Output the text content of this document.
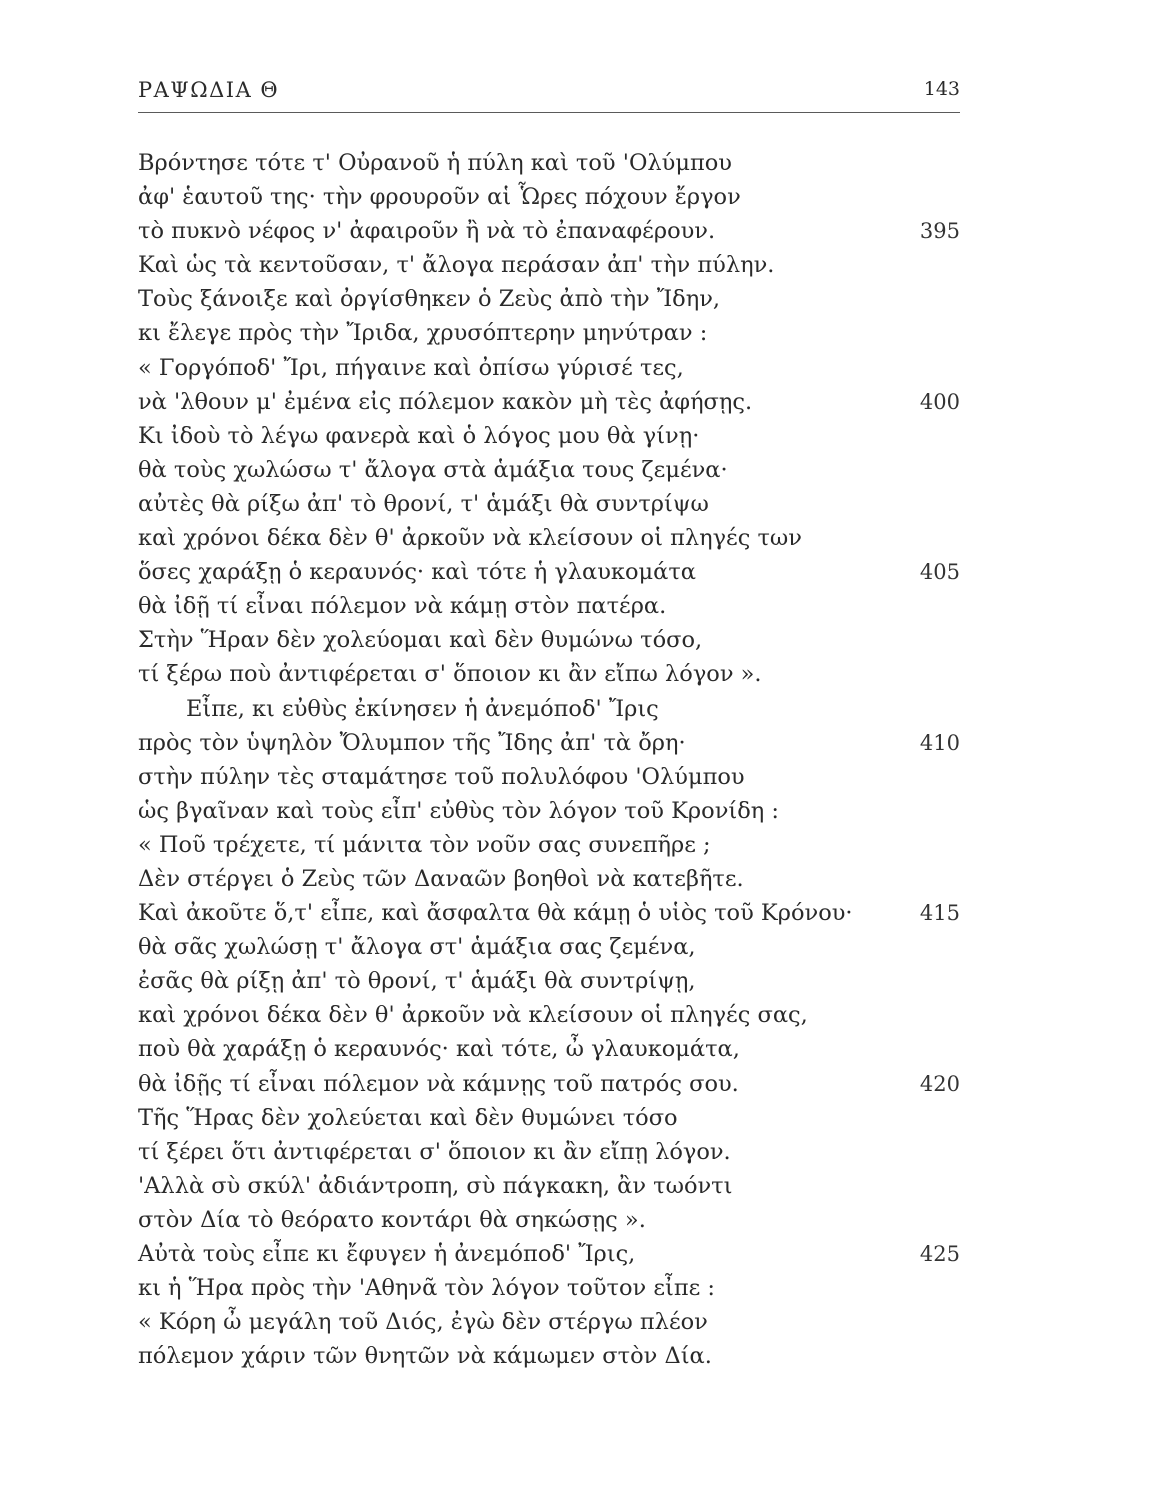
ΡΑΨΩΔΙΑ Θ	143
Βρόντησε τότε τ' Οὐρανοῦ ἡ πύλη καὶ τοῦ 'Ολύμπου
ἀφ' ἑαυτοῦ της· τὴν φρουροῦν αἱ Ὧρες πόχουν ἔργον
τὸ πυκνὸ νέφος ν' ἀφαιροῦν ἢ νὰ τὸ ἐπαναφέρουν.	395
Καὶ ὡς τὰ κεντοῦσαν, τ' ἄλογα περάσαν ἀπ' τὴν πύλην.
Τοὺς ξάνοιξε καὶ ὀργίσθηκεν ὁ Ζεὺς ἀπὸ τὴν Ἴδην,
κι ἔλεγε πρὸς τὴν Ἴριδα, χρυσόπτερην μηνύτραν :
« Γοργόποδ' Ἴρι, πήγαινε καὶ ὀπίσω γύρισέ τες,
νὰ 'λθουν μ' ἐμένα εἰς πόλεμον κακὸν μὴ τὲς ἀφήσῃς.	400
Κι ἰδοὺ τὸ λέγω φανερὰ καὶ ὁ λόγος μου θὰ γίνῃ·
θὰ τοὺς χωλώσω τ' ἄλογα στὰ ἁμάξια τους ζεμένα·
αὐτὲς θὰ ρίξω ἀπ' τὸ θρονί, τ' ἁμάξι θὰ συντρίψω
καὶ χρόνοι δέκα δὲν θ' ἀρκοῦν νὰ κλείσουν οἱ πληγές των
ὅσες χαράξῃ ὁ κεραυνός· καὶ τότε ἡ γλαυκομάτα	405
θὰ ἰδῇ τί εἶναι πόλεμον νὰ κάμῃ στὸν πατέρα.
Στὴν Ἥραν δὲν χολεύομαι καὶ δὲν θυμώνω τόσο,
τί ξέρω ποὺ ἀντιφέρεται σ' ὅποιον κι ἂν εἴπω λόγον ».
Εἶπε, κι εὐθὺς ἐκίνησεν ἡ ἀνεμόποδ' Ἴρις
πρὸς τὸν ὑψηλὸν Ὄλυμπον τῆς Ἴδης ἀπ' τὰ ὄρη·	410
στὴν πύλην τὲς σταμάτησε τοῦ πολυλόφου 'Ολύμπου
ὡς βγαῖναν καὶ τοὺς εἶπ' εὐθὺς τὸν λόγον τοῦ Κρονίδη :
« Ποῦ τρέχετε, τί μάνιτα τὸν νοῦν σας συνεπῆρε ;
Δὲν στέργει ὁ Ζεὺς τῶν Δαναῶν βοηθοὶ νὰ κατεβῆτε.
Καὶ ἀκοῦτε ὅ,τ' εἶπε, καὶ ἄσφαλτα θὰ κάμῃ ὁ υἱὸς τοῦ Κρόνου·	415
θὰ σᾶς χωλώσῃ τ' ἄλογα στ' ἁμάξια σας ζεμένα,
ἐσᾶς θὰ ρίξῃ ἀπ' τὸ θρονί, τ' ἁμάξι θὰ συντρίψῃ,
καὶ χρόνοι δέκα δὲν θ' ἀρκοῦν νὰ κλείσουν οἱ πληγές σας,
ποὺ θὰ χαράξῃ ὁ κεραυνός· καὶ τότε, ὦ γλαυκομάτα,
θὰ ἰδῇς τί εἶναι πόλεμον νὰ κάμνῃς τοῦ πατρός σου.	420
Τῆς Ἥρας δὲν χολεύεται καὶ δὲν θυμώνει τόσο
τί ξέρει ὅτι ἀντιφέρεται σ' ὅποιον κι ἂν εἴπῃ λόγον.
'Αλλὰ σὺ σκύλ' ἀδιάντροπη, σὺ πάγκακη, ἂν τωόντι
στὸν Δία τὸ θεόρατο κοντάρι θὰ σηκώσῃς ».
Αὐτὰ τοὺς εἶπε κι ἔφυγεν ἡ ἀνεμόποδ' Ἴρις,	425
κι ἡ Ἥρα πρὸς τὴν 'Αθηνᾶ τὸν λόγον τοῦτον εἶπε :
« Κόρη ὦ μεγάλη τοῦ Διός, ἐγὼ δὲν στέργω πλέον
πόλεμον χάριν τῶν θνητῶν νὰ κάμωμεν στὸν Δία.
